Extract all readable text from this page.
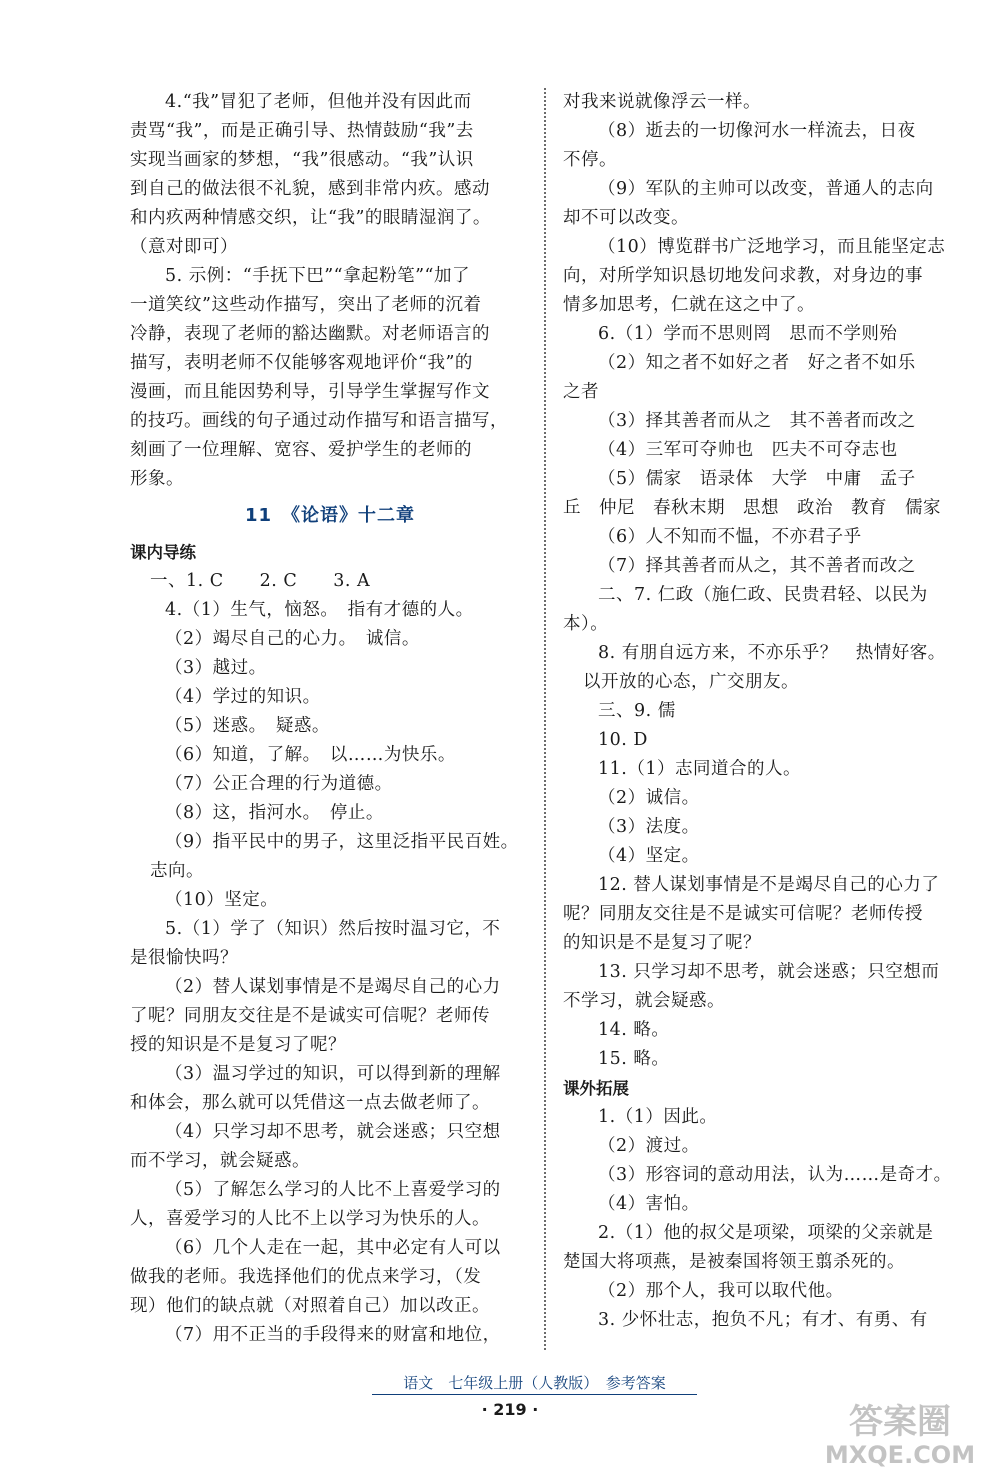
4.“我”冒犯了老师，但他并没有因此而
责骂“我”，而是正确引导、热情鼓励“我”去
实现当画家的梦想，“我”很感动。“我”认识
到自己的做法很不礼貌，感到非常内疚。感动
和内疚两种情感交织，让“我”的眼睛湿润了。
（意对即可）
5. 示例：“手抚下巴”“拿起粉笔”“加了
一道笑纹”这些动作描写，突出了老师的沉着
冷静，表现了老师的豁达幽默。对老师语言的
描写，表明老师不仅能够客观地评价“我”的
漫画，而且能因势利导，引导学生掌握写作文
的技巧。画线的句子通过动作描写和语言描写，
刻画了一位理解、宽容、爱护学生的老师的
形象。
11　《论语》十二章
课内导练
一、1. C　　2. C　　3. A
4.（1）生气，恼怒。　指有才德的人。
（2）竭尽自己的心力。　诚信。
（3）越过。
（4）学过的知识。
（5）迷惑。　疑惑。
（6）知道，了解。　以……为快乐。
（7）公正合理的行为道德。
（8）这，指河水。　停止。
（9）指平民中的男子，这里泛指平民百姓。
志向。
（10）坚定。
5.（1）学了（知识）然后按时温习它，不
是很愉快吗？
（2）替人谋划事情是不是竭尽自己的心力
了呢？同朋友交往是不是诚实可信呢？老师传
授的知识是不是复习了呢？
（3）温习学过的知识，可以得到新的理解
和体会，那么就可以凭借这一点去做老师了。
（4）只学习却不思考，就会迷惑；只空想
而不学习，就会疑惑。
（5）了解怎么学习的人比不上喜爱学习的
人，喜爱学习的人比不上以学习为快乐的人。
（6）几个人走在一起，其中必定有人可以
做我的老师。我选择他们的优点来学习，（发
现）他们的缺点就（对照着自己）加以改正。
（7）用不正当的手段得来的财富和地位，
对我来说就像浮云一样。
（8）逝去的一切像河水一样流去，日夜
不停。
（9）军队的主帅可以改变，普通人的志向
却不可以改变。
（10）博览群书广泛地学习，而且能坚定志
向，对所学知识恳切地发问求教，对身边的事
情多加思考，仁就在这之中了。
6.（1）学而不思则罔　思而不学则殆
（2）知之者不如好之者　好之者不如乐
之者
（3）择其善者而从之　其不善者而改之
（4）三军可夺帅也　匹夫不可夺志也
（5）儒家　语录体　大学　中庸　孟子
丘　仲尼　春秋末期　思想　政治　教育　儒家
（6）人不知而不愠，不亦君子乎
（7）择其善者而从之，其不善者而改之
二、7. 仁政（施仁政、民贵君轻、以民为
本）。
8. 有朋自远方来，不亦乐乎？　热情好客。
以开放的心态，广交朋友。
三、9. 儒
10. D
11.（1）志同道合的人。
（2）诚信。
（3）法度。
（4）坚定。
12. 替人谋划事情是不是竭尽自己的心力了
呢？同朋友交往是不是诚实可信呢？老师传授
的知识是不是复习了呢？
13. 只学习却不思考，就会迷惑；只空想而
不学习，就会疑惑。
14. 略。
15. 略。
课外拓展
1.（1）因此。
（2）渡过。
（3）形容词的意动用法，认为……是奇才。
（4）害怕。
2.（1）他的叔父是项梁，项梁的父亲就是
楚国大将项燕，是被秦国将领王翦杀死的。
（2）那个人，我可以取代他。
3. 少怀壮志，抱负不凡；有才、有勇、有
语文　七年级上册（人教版）　参考答案
· 219 ·	答案圈
MXQE.COM
